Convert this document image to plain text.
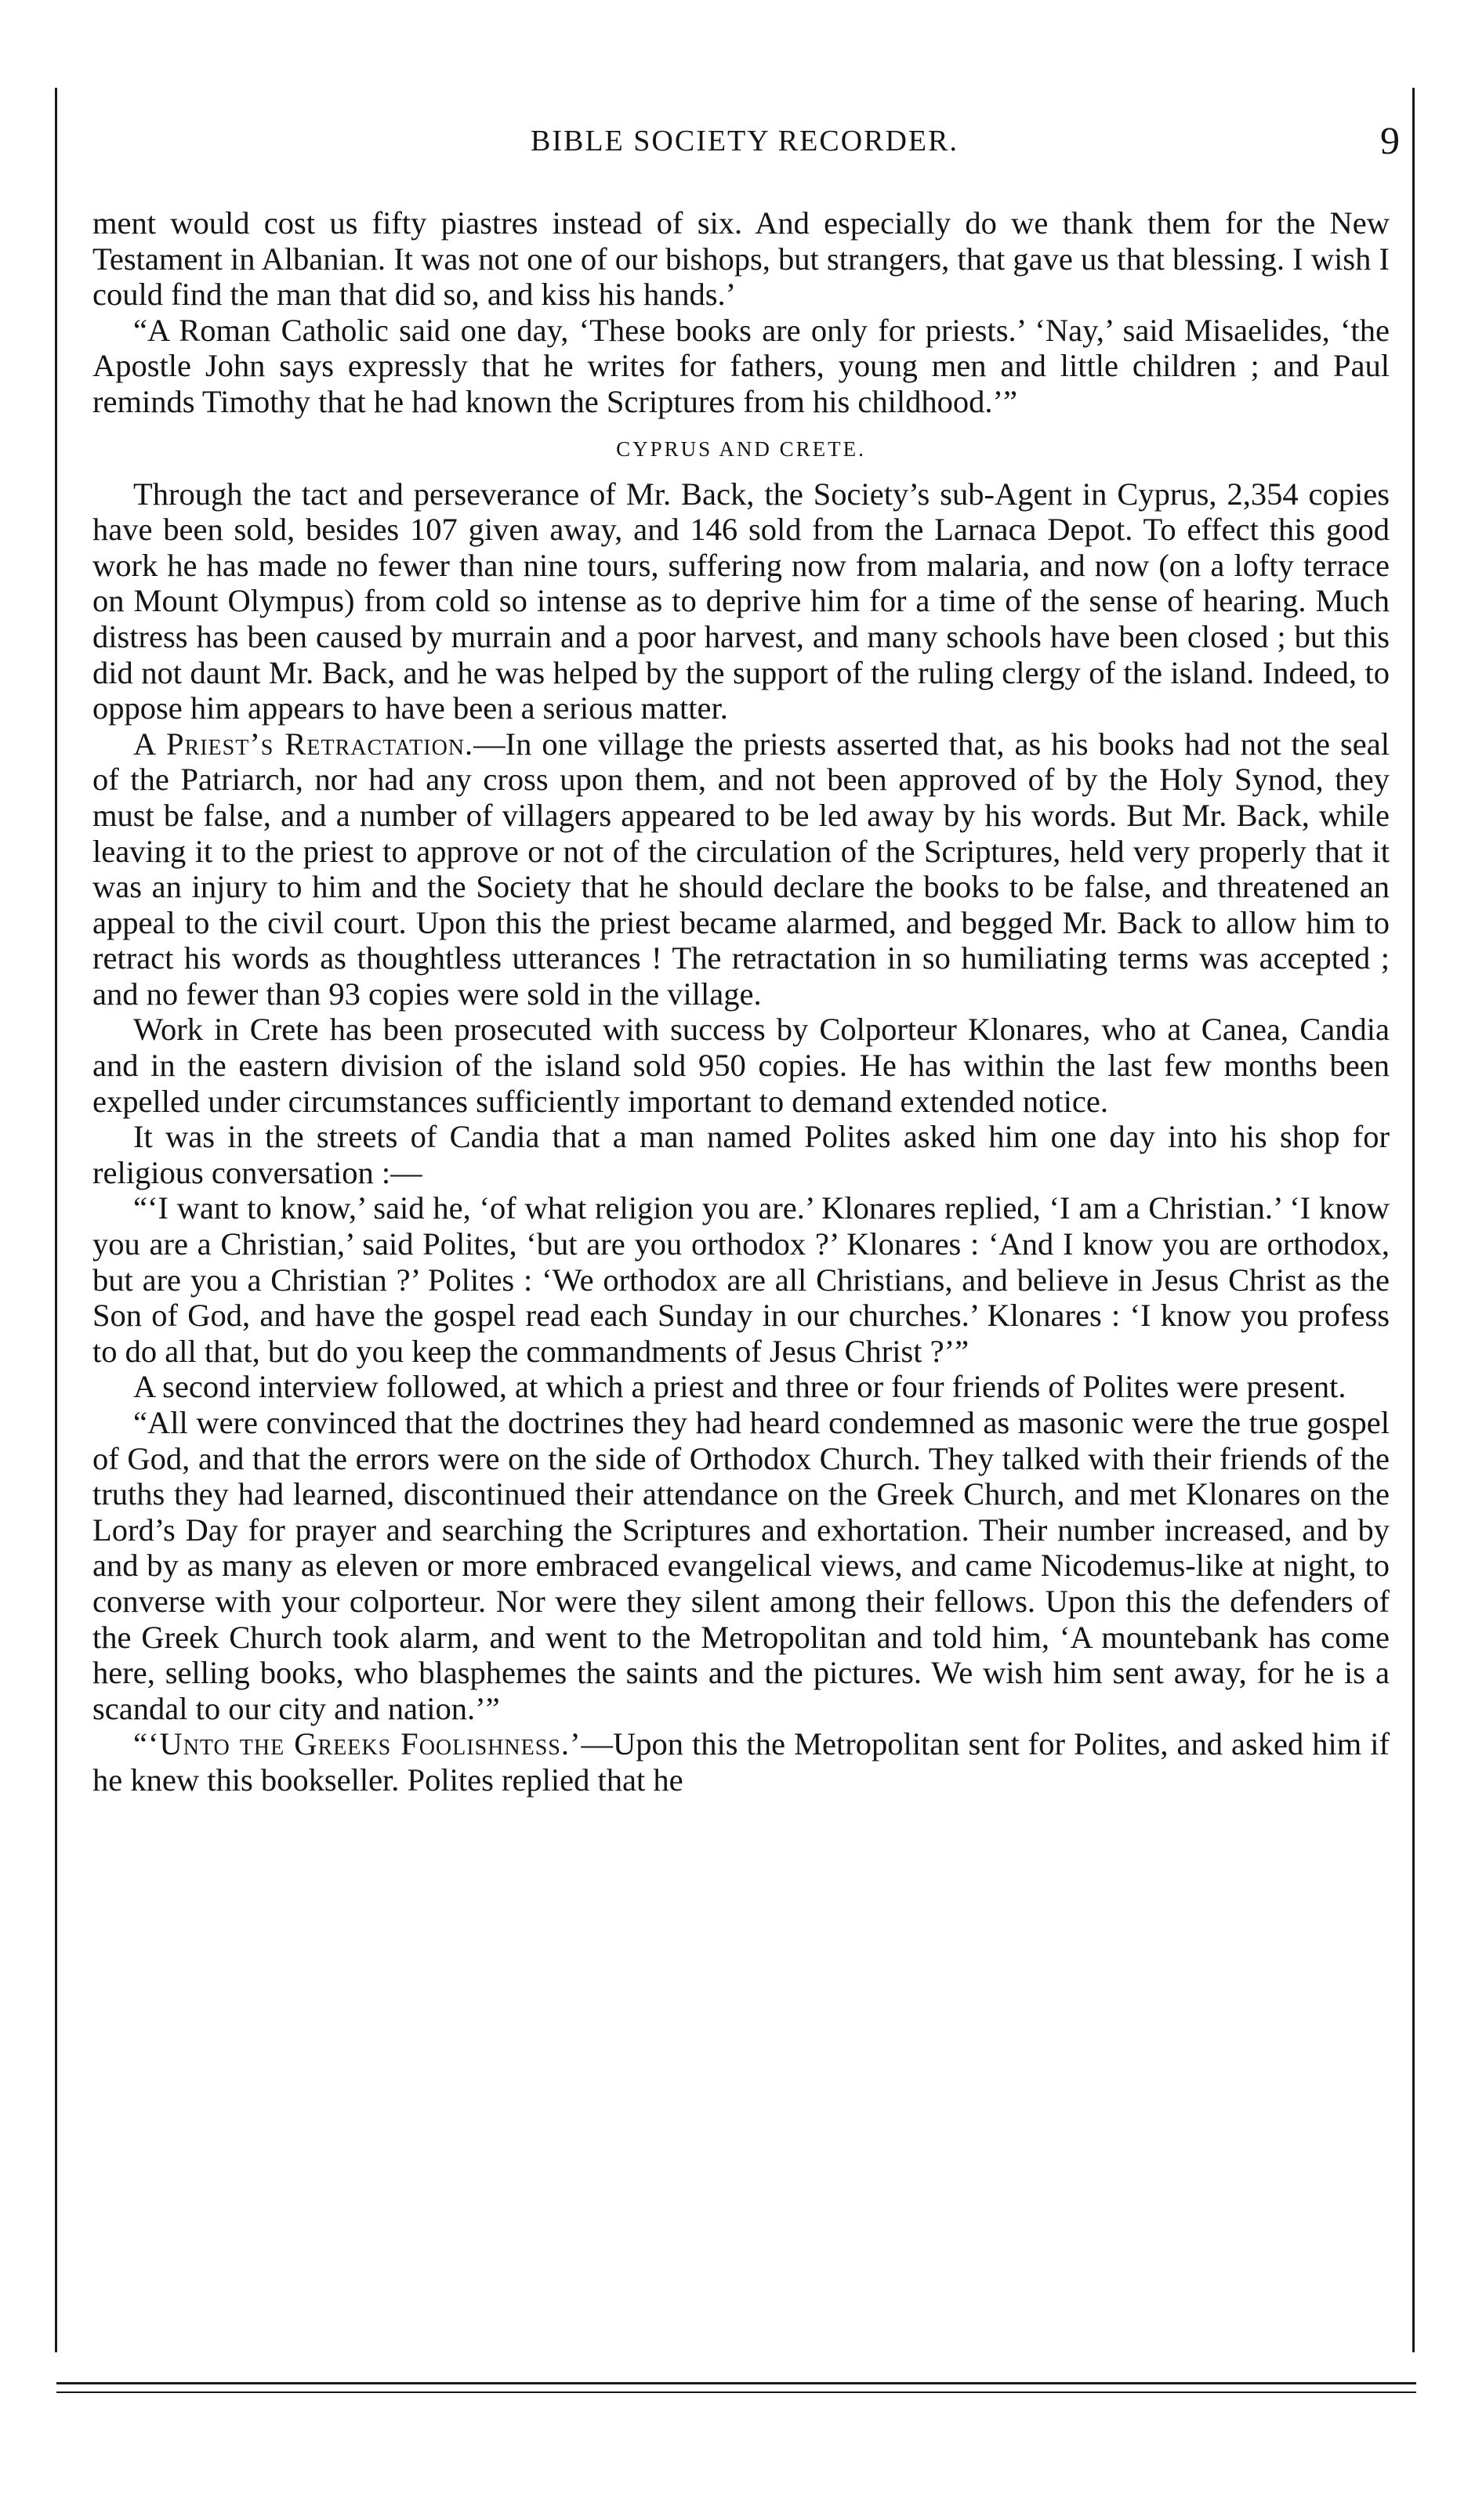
BIBLE SOCIETY RECORDER.	9

ment would cost us fifty piastres instead of six. And especially do we thank them for the New Testament in Albanian. It was not one of our bishops, but strangers, that gave us that blessing. I wish I could find the man that did so, and kiss his hands.’

“A Roman Catholic said one day, ‘These books are only for priests.’ ‘Nay,’ said Misaelides, ‘the Apostle John says expressly that he writes for fathers, young men and little children ; and Paul reminds Timothy that he had known the Scriptures from his childhood.’”

CYPRUS AND CRETE.

Through the tact and perseverance of Mr. Back, the Society’s sub-Agent in Cyprus, 2,354 copies have been sold, besides 107 given away, and 146 sold from the Larnaca Depot. To effect this good work he has made no fewer than nine tours, suffering now from malaria, and now (on a lofty terrace on Mount Olympus) from cold so intense as to deprive him for a time of the sense of hearing. Much distress has been caused by murrain and a poor harvest, and many schools have been closed ; but this did not daunt Mr. Back, and he was helped by the support of the ruling clergy of the island. Indeed, to oppose him appears to have been a serious matter.

A Priest’s Retractation.—In one village the priests asserted that, as his books had not the seal of the Patriarch, nor had any cross upon them, and not been approved of by the Holy Synod, they must be false, and a number of villagers appeared to be led away by his words. But Mr. Back, while leaving it to the priest to approve or not of the circulation of the Scriptures, held very properly that it was an injury to him and the Society that he should declare the books to be false, and threatened an appeal to the civil court. Upon this the priest became alarmed, and begged Mr. Back to allow him to retract his words as thoughtless utterances ! The retractation in so humiliating terms was accepted ; and no fewer than 93 copies were sold in the village.

Work in Crete has been prosecuted with success by Colporteur Klonares, who at Canea, Candia and in the eastern division of the island sold 950 copies. He has within the last few months been expelled under circumstances sufficiently important to demand extended notice.

It was in the streets of Candia that a man named Polites asked him one day into his shop for religious conversation :—

“‘I want to know,’ said he, ‘of what religion you are.’ Klonares replied, ‘I am a Christian.’ ‘I know you are a Christian,’ said Polites, ‘but are you orthodox ?’ Klonares : ‘And I know you are orthodox, but are you a Christian ?’ Polites : ‘We orthodox are all Christians, and believe in Jesus Christ as the Son of God, and have the gospel read each Sunday in our churches.’ Klonares : ‘I know you profess to do all that, but do you keep the commandments of Jesus Christ ?’”

A second interview followed, at which a priest and three or four friends of Polites were present.

“All were convinced that the doctrines they had heard condemned as masonic were the true gospel of God, and that the errors were on the side of Orthodox Church. They talked with their friends of the truths they had learned, discontinued their attendance on the Greek Church, and met Klonares on the Lord’s Day for prayer and searching the Scriptures and exhortation. Their number increased, and by and by as many as eleven or more embraced evangelical views, and came Nicodemus-like at night, to converse with your colporteur. Nor were they silent among their fellows. Upon this the defenders of the Greek Church took alarm, and went to the Metropolitan and told him, ‘A mountebank has come here, selling books, who blasphemes the saints and the pictures. We wish him sent away, for he is a scandal to our city and nation.’”

“‘Unto the Greeks Foolishness.’—Upon this the Metropolitan sent for Polites, and asked him if he knew this bookseller. Polites replied that he
